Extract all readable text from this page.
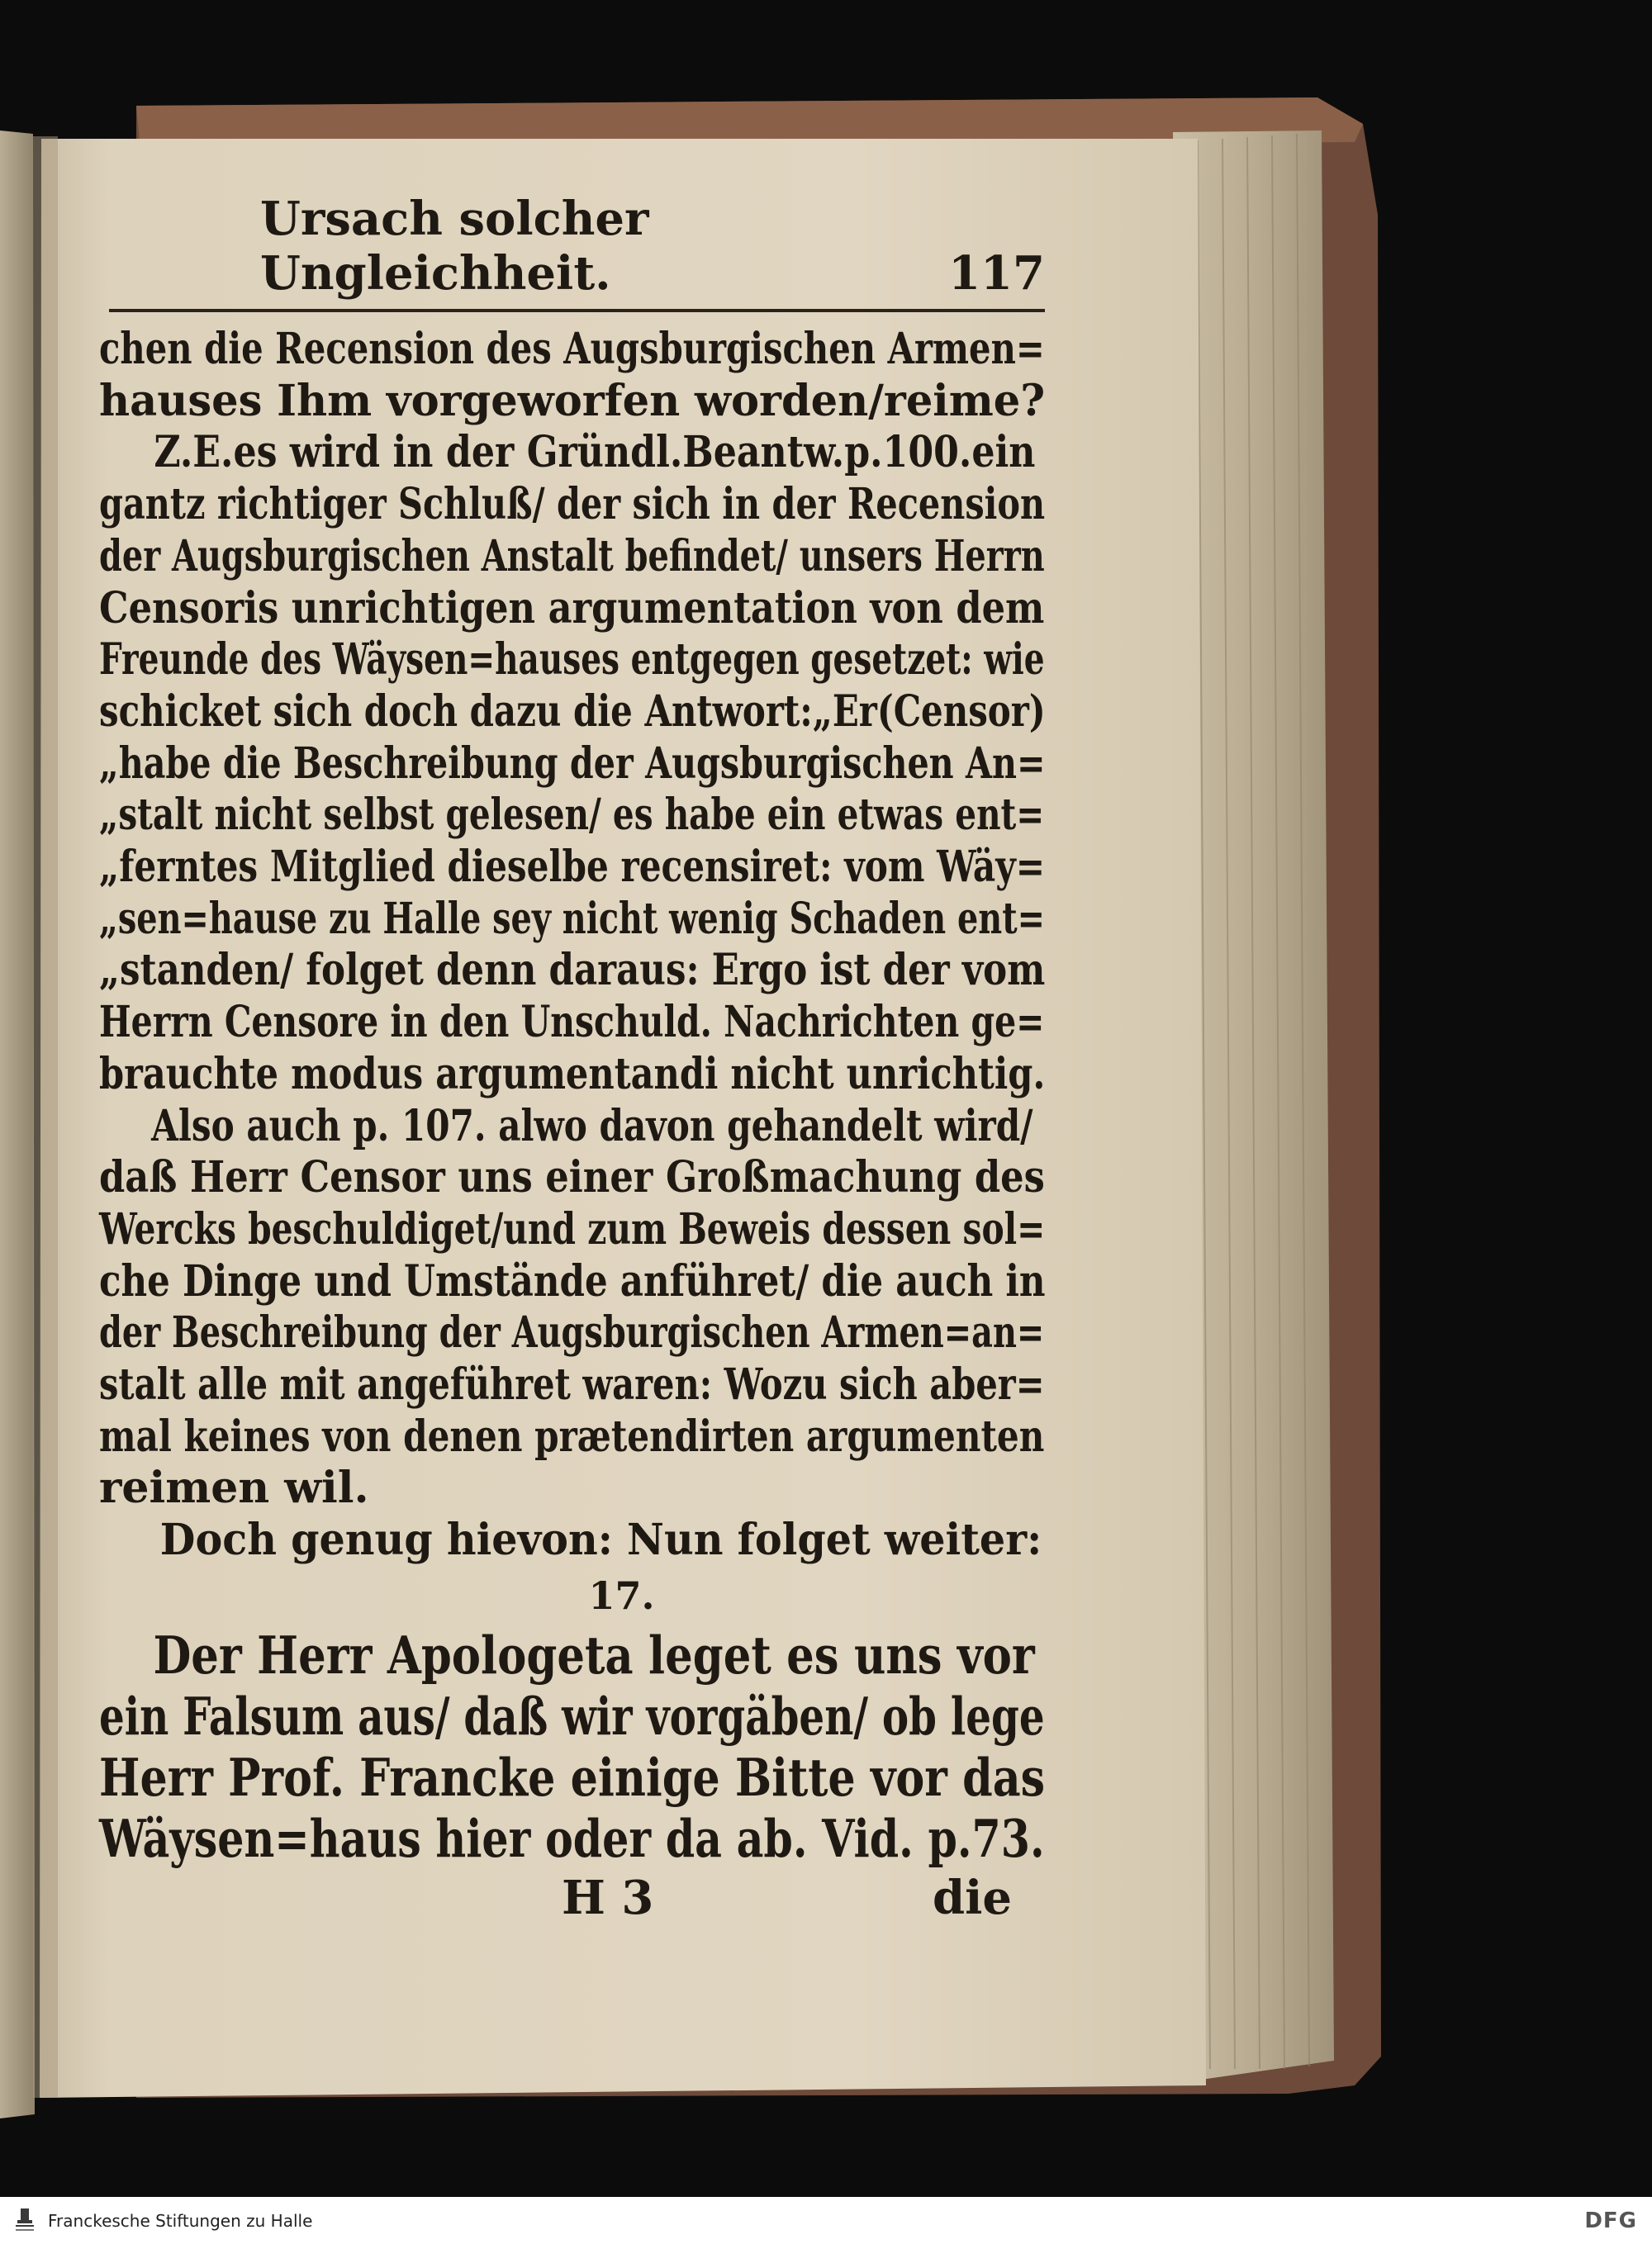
Ursach solcher Ungleichheit.	117
chen die Recension des Augsburgischen Armen=
hauses Ihm vorgeworfen worden/reime?
Z.E.es wird in der Gründl.Beantw.p.100.ein
gantz richtiger Schluß/ der sich in der Recension
der Augsburgischen Anstalt befindet/ unsers Herrn
Censoris unrichtigen argumentation von dem
Freunde des Wäysen=hauses entgegen gesetzet: wie
schicket sich doch dazu die Antwort:„Er(Censor)
„habe die Beschreibung der Augsburgischen An=
„stalt nicht selbst gelesen/ es habe ein etwas ent=
„ferntes Mitglied dieselbe recensiret: vom Wäy=
„sen=hause zu Halle sey nicht wenig Schaden ent=
„standen/ folget denn daraus: Ergo ist der vom
Herrn Censore in den Unschuld. Nachrichten ge=
brauchte modus argumentandi nicht unrichtig.
Also auch p. 107. alwo davon gehandelt wird/
daß Herr Censor uns einer Großmachung des
Wercks beschuldiget/und zum Beweis dessen sol=
che Dinge und Umstände anführet/ die auch in
der Beschreibung der Augsburgischen Armen=an=
stalt alle mit angeführet waren: Wozu sich aber=
mal keines von denen prætendirten argumenten
reimen wil.
Doch genug hievon: Nun folget weiter:
17.
Der Herr Apologeta leget es uns vor
ein Falsum aus/ daß wir vorgäben/ ob lege
Herr Prof. Francke einige Bitte vor das
Wäysen=haus hier oder da ab. Vid. p.73.
H 3	die
Franckesche Stiftungen zu Halle	DFG
